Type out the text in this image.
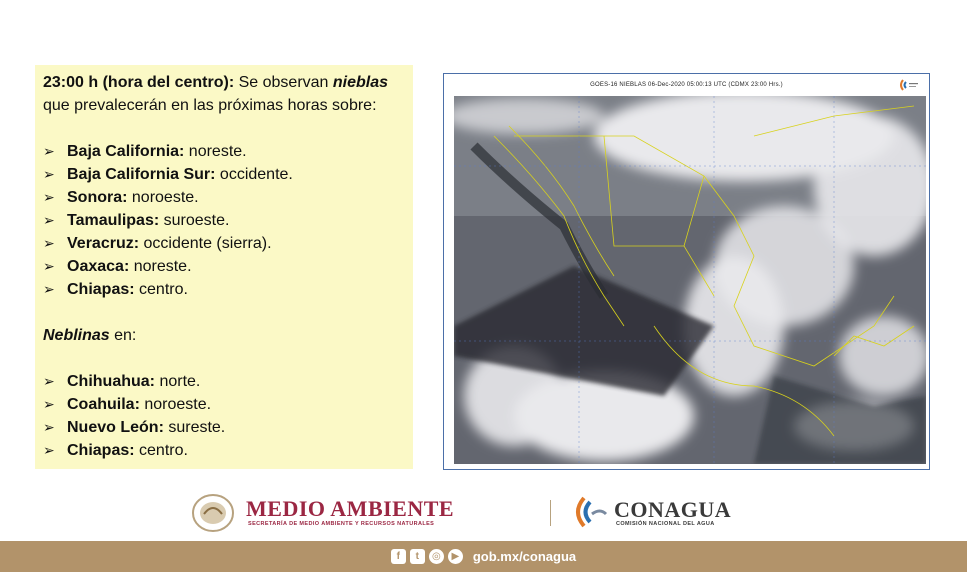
23:00 h (hora del centro): Se observan nieblas

que prevalecerán en las próximas horas sobre:

➢ Baja California: noreste.
➢ Baja California Sur: occidente.
➢ Sonora: noroeste.
➢ Tamaulipas: suroeste.
➢ Veracruz: occidente (sierra).
➢ Oaxaca: noreste.
➢ Chiapas: centro.

Neblinas en:

➢ Chihuahua: norte.
➢ Coahuila: noroeste.
➢ Nuevo León: sureste.
➢ Chiapas: centro.
GOES-16 NIEBLAS 06-Dec-2020 05:00:13 UTC (CDMX 23:00 Hrs.)
MEDIO AMBIENTE
SECRETARÍA DE MEDIO AMBIENTE Y RECURSOS NATURALES
CONAGUA
COMISIÓN NACIONAL DEL AGUA
f	t	◎	▶ gob.mx/conagua
